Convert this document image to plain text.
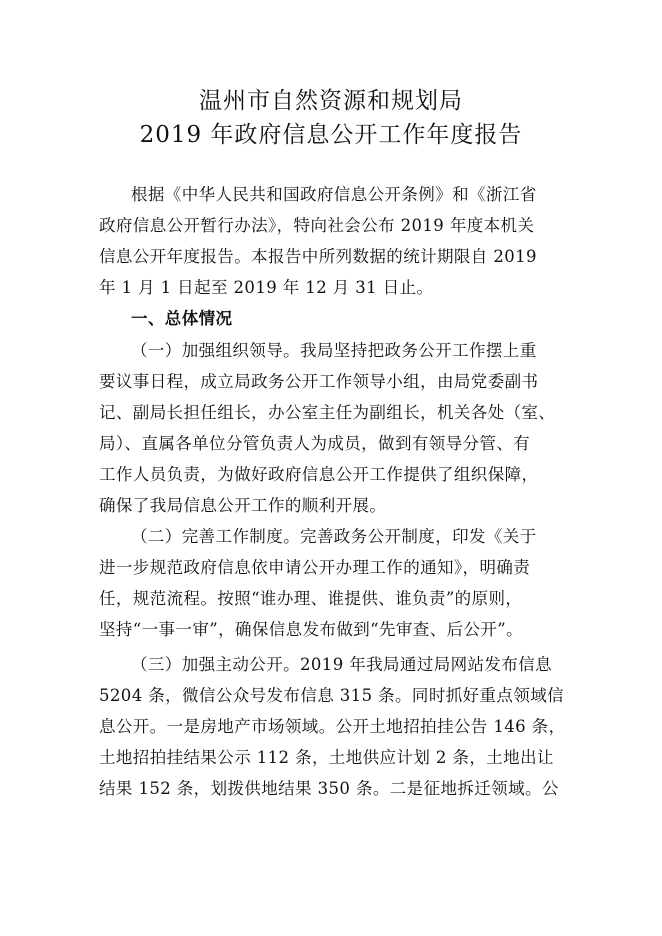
温州市自然资源和规划局
2019 年政府信息公开工作年度报告
根据《中华人民共和国政府信息公开条例》和《浙江省
政府信息公开暂行办法》，特向社会公布 2019 年度本机关
信息公开年度报告。本报告中所列数据的统计期限自 2019
年 1 月 1 日起至 2019 年 12 月 31 日止。
一、总体情况
（一）加强组织领导。我局坚持把政务公开工作摆上重
要议事日程，成立局政务公开工作领导小组，由局党委副书
记、副局长担任组长，办公室主任为副组长，机关各处（室、
局）、直属各单位分管负责人为成员，做到有领导分管、有
工作人员负责，为做好政府信息公开工作提供了组织保障，
确保了我局信息公开工作的顺利开展。
（二）完善工作制度。完善政务公开制度，印发《关于
进一步规范政府信息依申请公开办理工作的通知》，明确责
任，规范流程。按照“谁办理、谁提供、谁负责”的原则，
坚持“一事一审”，确保信息发布做到“先审查、后公开”。
（三）加强主动公开。2019 年我局通过局网站发布信息
5204 条，微信公众号发布信息 315 条。同时抓好重点领域信
息公开。一是房地产市场领域。公开土地招拍挂公告 146 条，
土地招拍挂结果公示 112 条，土地供应计划 2 条，土地出让
结果 152 条，划拨供地结果 350 条。二是征地拆迁领域。公
